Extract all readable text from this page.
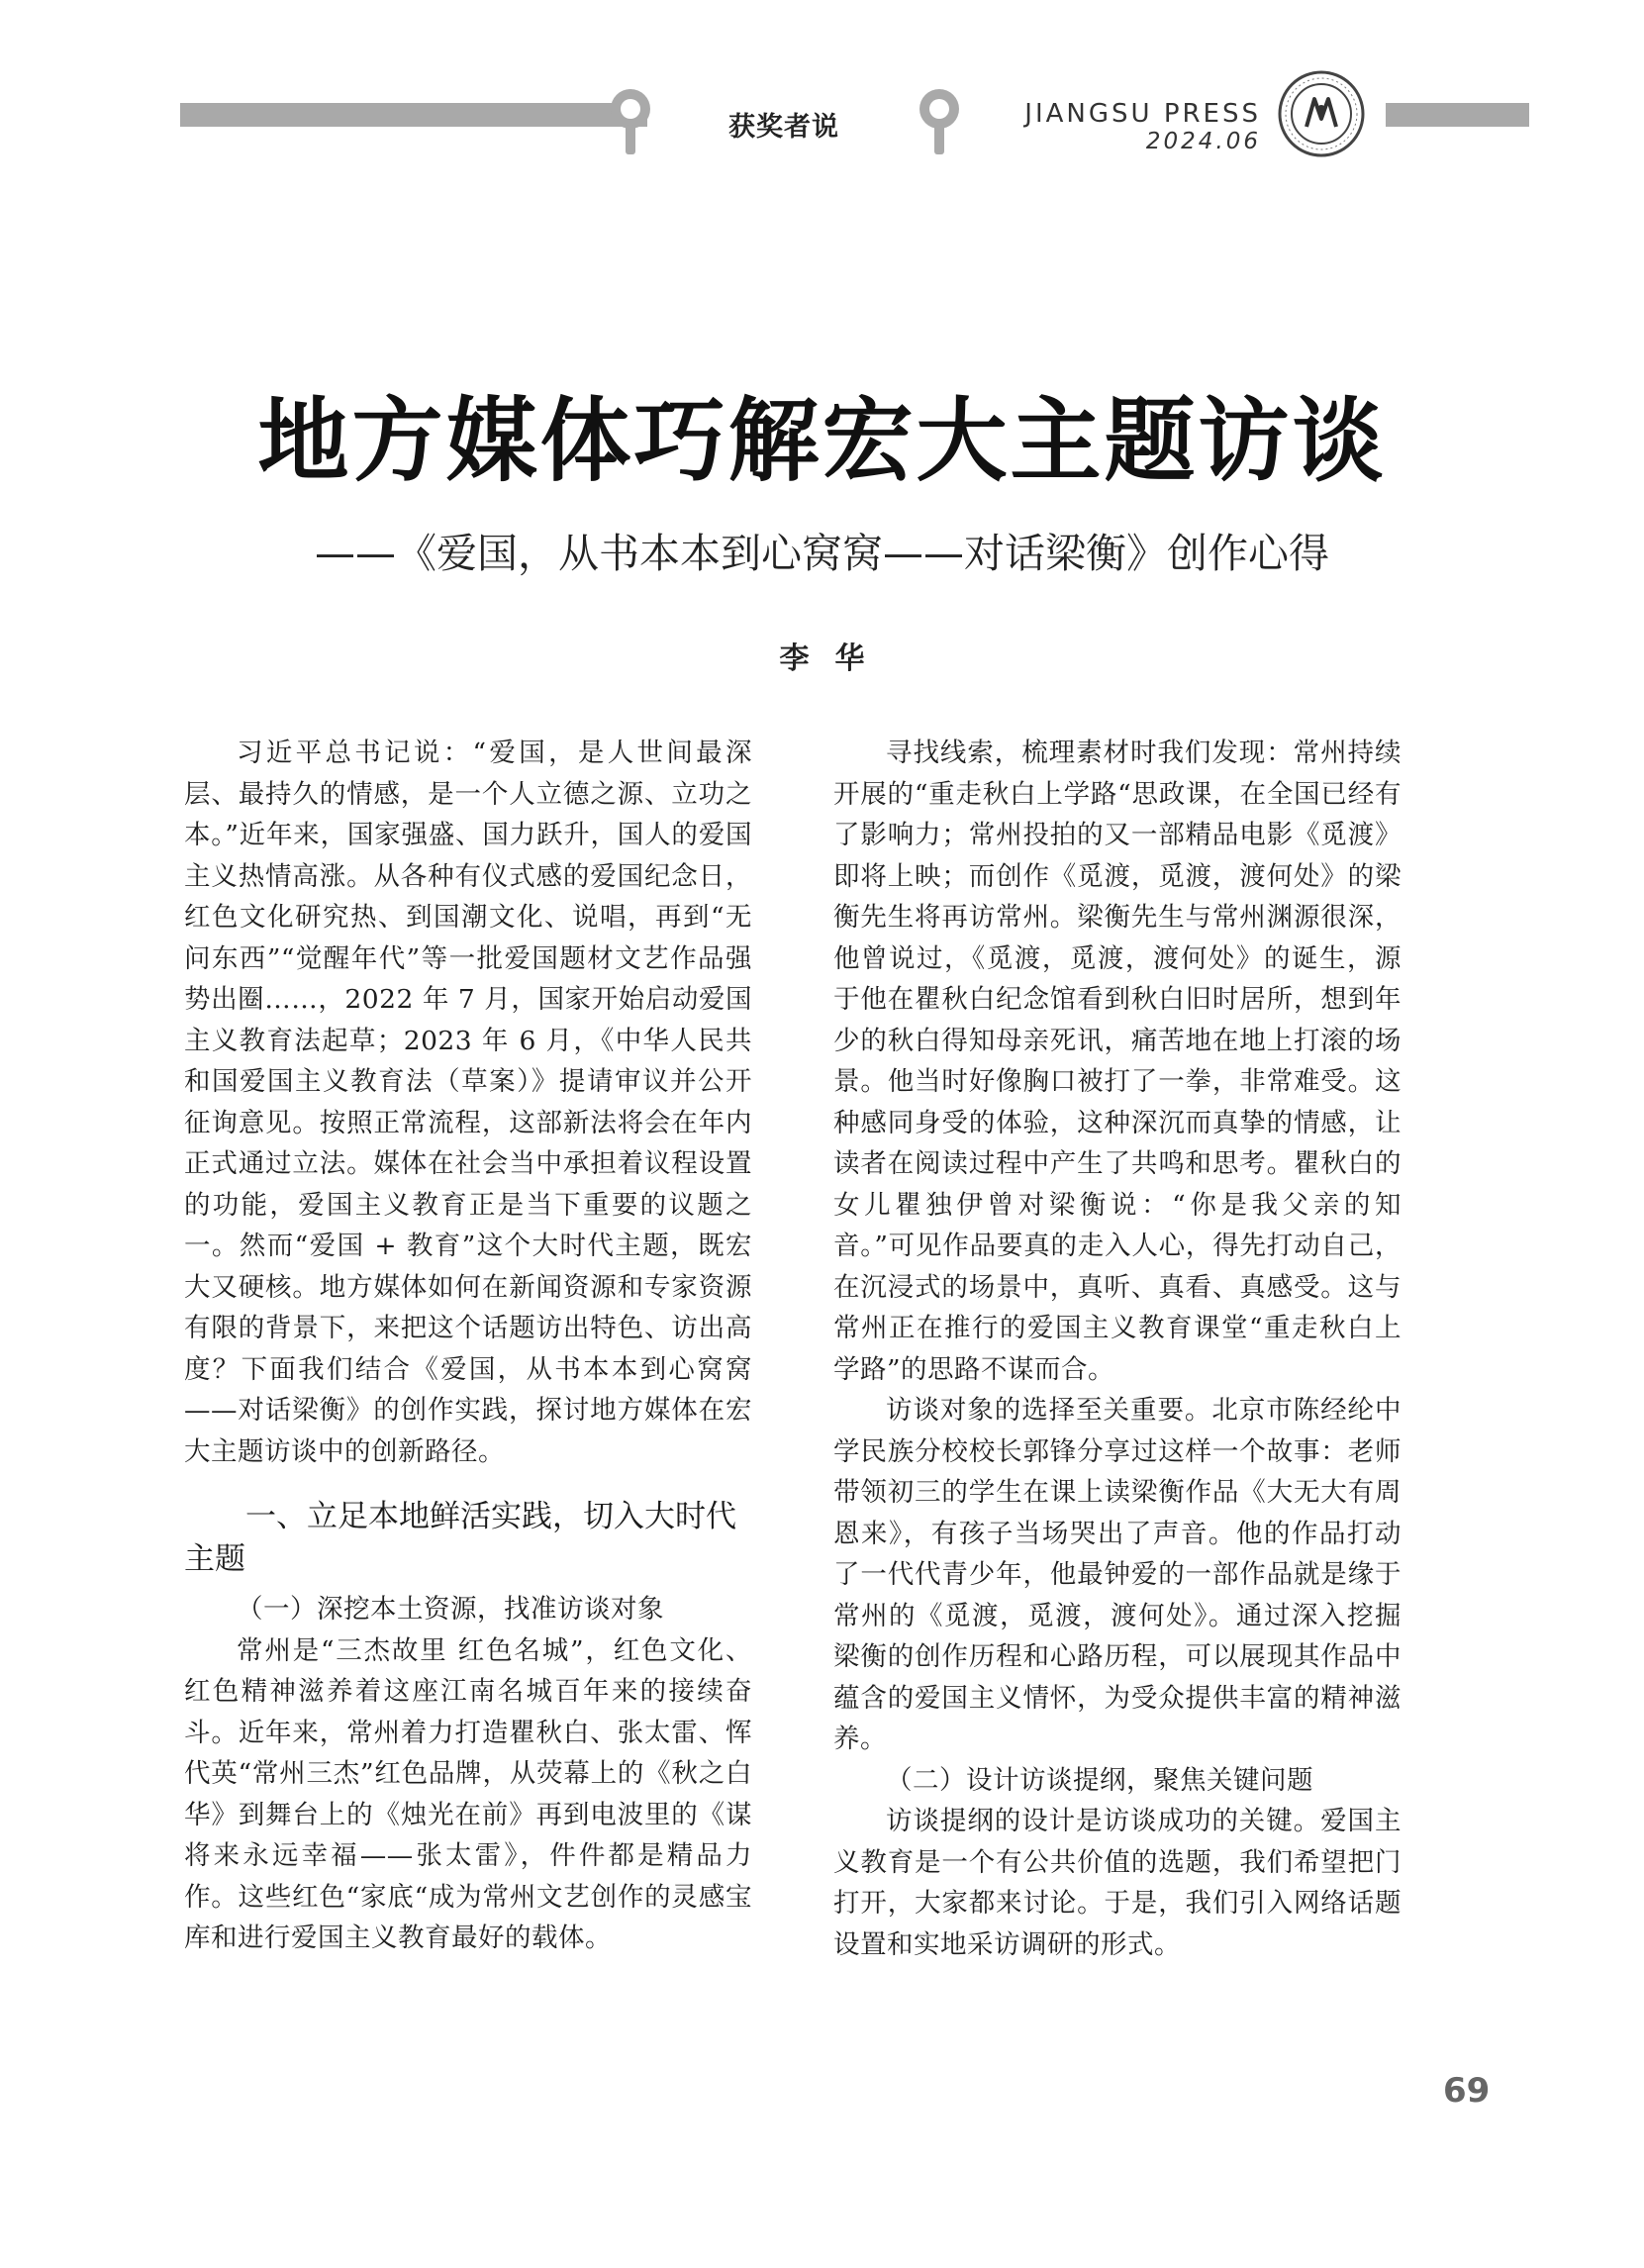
获奖者说	JIANGSU PRESS
2024.06
地方媒体巧解宏大主题访谈
——《爱国，从书本本到心窝窝——对话梁衡》创作心得
李华

习近平总书记说：“爱国，是人世间最深层、最持久的情感，是一个人立德之源、立功之本。”近年来，国家强盛、国力跃升，国人的爱国主义热情高涨。从各种有仪式感的爱国纪念日，红色文化研究热、到国潮文化、说唱，再到“无问东西”“觉醒年代”等一批爱国题材文艺作品强势出圈……，2022 年 7 月，国家开始启动爱国主义教育法起草；2023 年 6 月，《中华人民共和国爱国主义教育法（草案）》提请审议并公开征询意见。按照正常流程，这部新法将会在年内正式通过立法。媒体在社会当中承担着议程设置的功能，爱国主义教育正是当下重要的议题之一。然而“爱国 + 教育”这个大时代主题，既宏大又硬核。地方媒体如何在新闻资源和专家资源有限的背景下，来把这个话题访出特色、访出高度？下面我们结合《爱国，从书本本到心窝窝——对话梁衡》的创作实践，探讨地方媒体在宏大主题访谈中的创新路径。

一、立足本地鲜活实践，切入大时代主题

（一）深挖本土资源，找准访谈对象

常州是“三杰故里 红色名城”，红色文化、红色精神滋养着这座江南名城百年来的接续奋斗。近年来，常州着力打造瞿秋白、张太雷、恽代英“常州三杰”红色品牌，从荧幕上的《秋之白华》到舞台上的《烛光在前》再到电波里的《谋将来永远幸福——张太雷》，件件都是精品力作。这些红色“家底“成为常州文艺创作的灵感宝库和进行爱国主义教育最好的载体。

寻找线索，梳理素材时我们发现：常州持续开展的“重走秋白上学路“思政课，在全国已经有了影响力；常州投拍的又一部精品电影《觅渡》即将上映；而创作《觅渡，觅渡，渡何处》的梁衡先生将再访常州。梁衡先生与常州渊源很深，他曾说过，《觅渡，觅渡，渡何处》的诞生，源于他在瞿秋白纪念馆看到秋白旧时居所，想到年少的秋白得知母亲死讯，痛苦地在地上打滚的场景。他当时好像胸口被打了一拳，非常难受。这种感同身受的体验，这种深沉而真挚的情感，让读者在阅读过程中产生了共鸣和思考。瞿秋白的女儿瞿独伊曾对梁衡说：“你是我父亲的知音。”可见作品要真的走入人心，得先打动自己，在沉浸式的场景中，真听、真看、真感受。这与常州正在推行的爱国主义教育课堂“重走秋白上学路”的思路不谋而合。

访谈对象的选择至关重要。北京市陈经纶中学民族分校校长郭锋分享过这样一个故事：老师带领初三的学生在课上读梁衡作品《大无大有周恩来》，有孩子当场哭出了声音。他的作品打动了一代代青少年，他最钟爱的一部作品就是缘于常州的《觅渡，觅渡，渡何处》。通过深入挖掘梁衡的创作历程和心路历程，可以展现其作品中蕴含的爱国主义情怀，为受众提供丰富的精神滋养。

（二）设计访谈提纲，聚焦关键问题

访谈提纲的设计是访谈成功的关键。爱国主义教育是一个有公共价值的选题，我们希望把门打开，大家都来讨论。于是，我们引入网络话题设置和实地采访调研的形式。

69
